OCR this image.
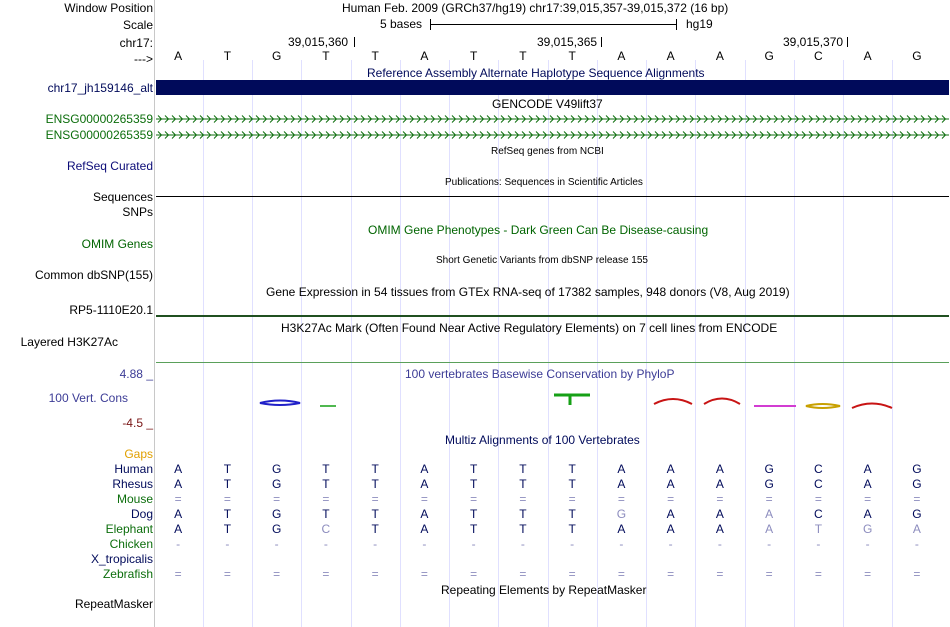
Window Position	Human Feb. 2009 (GRCh37/hg19) chr17:39,015,357-39,015,372 (16 bp)
Scale	5 bases	hg19
chr17:	39,015,360	39,015,365	39,015,370
---> A	T	G	T	T	A	T	T	T	A	A	A	G	C	A	G
Reference Assembly Alternate Haplotype Sequence Alignments
chr17_jh159146_alt
GENCODE V49lift37
ENSG00000265359
ENSG00000265359
RefSeq genes from NCBI
RefSeq Curated
Publications: Sequences in Scientific Articles
Sequences
SNPs
OMIM Gene Phenotypes - Dark Green Can Be Disease-causing
OMIM Genes
Short Genetic Variants from dbSNP release 155
Common dbSNP(155)
Gene Expression in 54 tissues from GTEx RNA-seq of 17382 samples, 948 donors (V8, Aug 2019)
RP5-1110E20.1
H3K27Ac Mark (Often Found Near Active Regulatory Elements) on 7 cell lines from ENCODE
Layered H3K27Ac
100 vertebrates Basewise Conservation by PhyloP
4.88 _
100 Vert. Cons
-4.5 _
Multiz Alignments of 100 Vertebrates
Gaps
Human A	T	G	T	T	A	T	T	T	A	A	A	G	C	A	G
Rhesus A	T	G	T	T	A	T	T	T	A	A	A	G	C	A	G
Mouse =	=	=	=	=	=	=	=	=	=	=	=	=	=	=	=
Dog A	T	G	T	T	A	T	T	T	G	A	A	A	C	A	G
Elephant A	T	G	C	T	A	T	T	T	A	A	A	A	T	G	A
Chicken -	-	-	-	-	-	-	-	-	-	-	-	-	-	-	-
X_tropicalis
Zebrafish =	=	=	=	=	=	=	=	=	=	=	=	=	=	=	=
Repeating Elements by RepeatMasker
RepeatMasker
